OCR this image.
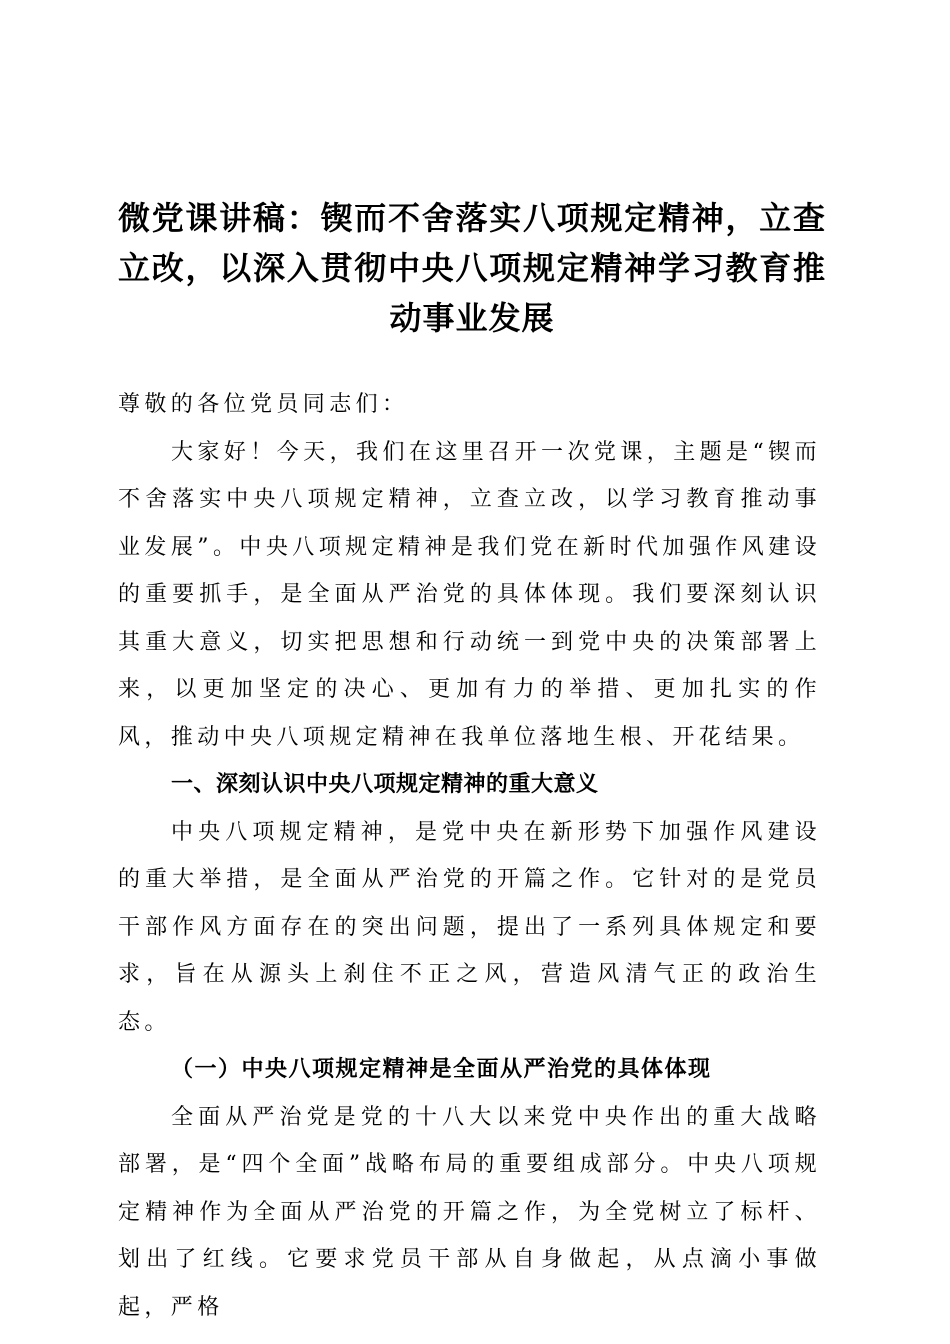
微党课讲稿：锲而不舍落实八项规定精神，立查立改，以深入贯彻中央八项规定精神学习教育推动事业发展

尊敬的各位党员同志们：

大家好！今天，我们在这里召开一次党课，主题是“锲而不舍落实中央八项规定精神，立查立改，以学习教育推动事业发展”。中央八项规定精神是我们党在新时代加强作风建设的重要抓手，是全面从严治党的具体体现。我们要深刻认识其重大意义，切实把思想和行动统一到党中央的决策部署上来，以更加坚定的决心、更加有力的举措、更加扎实的作风，推动中央八项规定精神在我单位落地生根、开花结果。

一、深刻认识中央八项规定精神的重大意义

中央八项规定精神，是党中央在新形势下加强作风建设的重大举措，是全面从严治党的开篇之作。它针对的是党员干部作风方面存在的突出问题，提出了一系列具体规定和要求，旨在从源头上刹住不正之风，营造风清气正的政治生态。

（一）中央八项规定精神是全面从严治党的具体体现

全面从严治党是党的十八大以来党中央作出的重大战略部署，是“四个全面”战略布局的重要组成部分。中央八项规定精神作为全面从严治党的开篇之作，为全党树立了标杆、划出了红线。它要求党员干部从自身做起，从点滴小事做起，严格
